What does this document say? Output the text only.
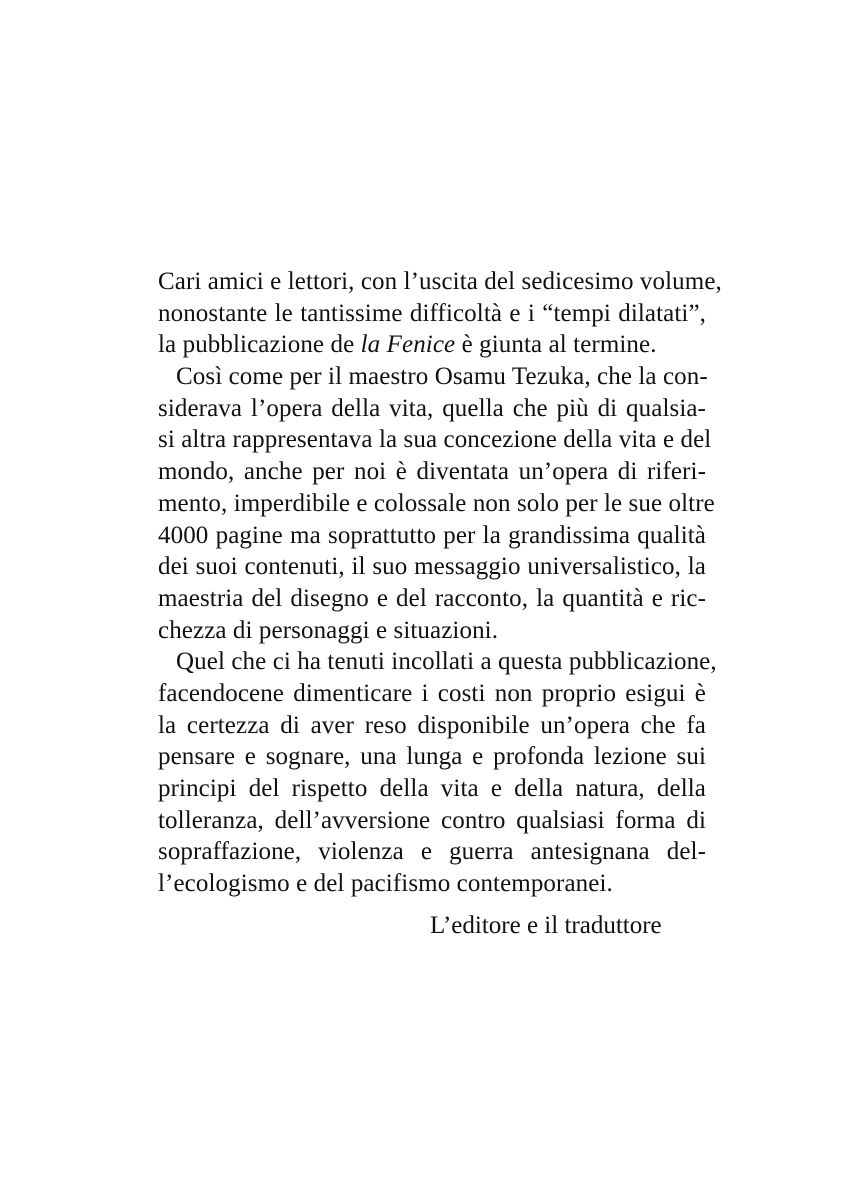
Cari amici e lettori, con l’uscita del sedicesimo volume,
nonostante le tantissime difficoltà e i “tempi dilatati”,
la pubblicazione de la Fenice è giunta al termine.
Così come per il maestro Osamu Tezuka, che la con-
siderava l’opera della vita, quella che più di qualsia-
si altra rappresentava la sua concezione della vita e del
mondo, anche per noi è diventata un’opera di riferi-
mento, imperdibile e colossale non solo per le sue oltre
4000 pagine ma soprattutto per la grandissima qualità
dei suoi contenuti, il suo messaggio universalistico, la
maestria del disegno e del racconto, la quantità e ric-
chezza di personaggi e situazioni.
Quel che ci ha tenuti incollati a questa pubblicazione,
facendocene dimenticare i costi non proprio esigui è
la certezza di aver reso disponibile un’opera che fa
pensare e sognare, una lunga e profonda lezione sui
principi del rispetto della vita e della natura, della
tolleranza, dell’avversione contro qualsiasi forma di
sopraffazione, violenza e guerra antesignana del-
l’ecologismo e del pacifismo contemporanei.
L’editore e il traduttore
